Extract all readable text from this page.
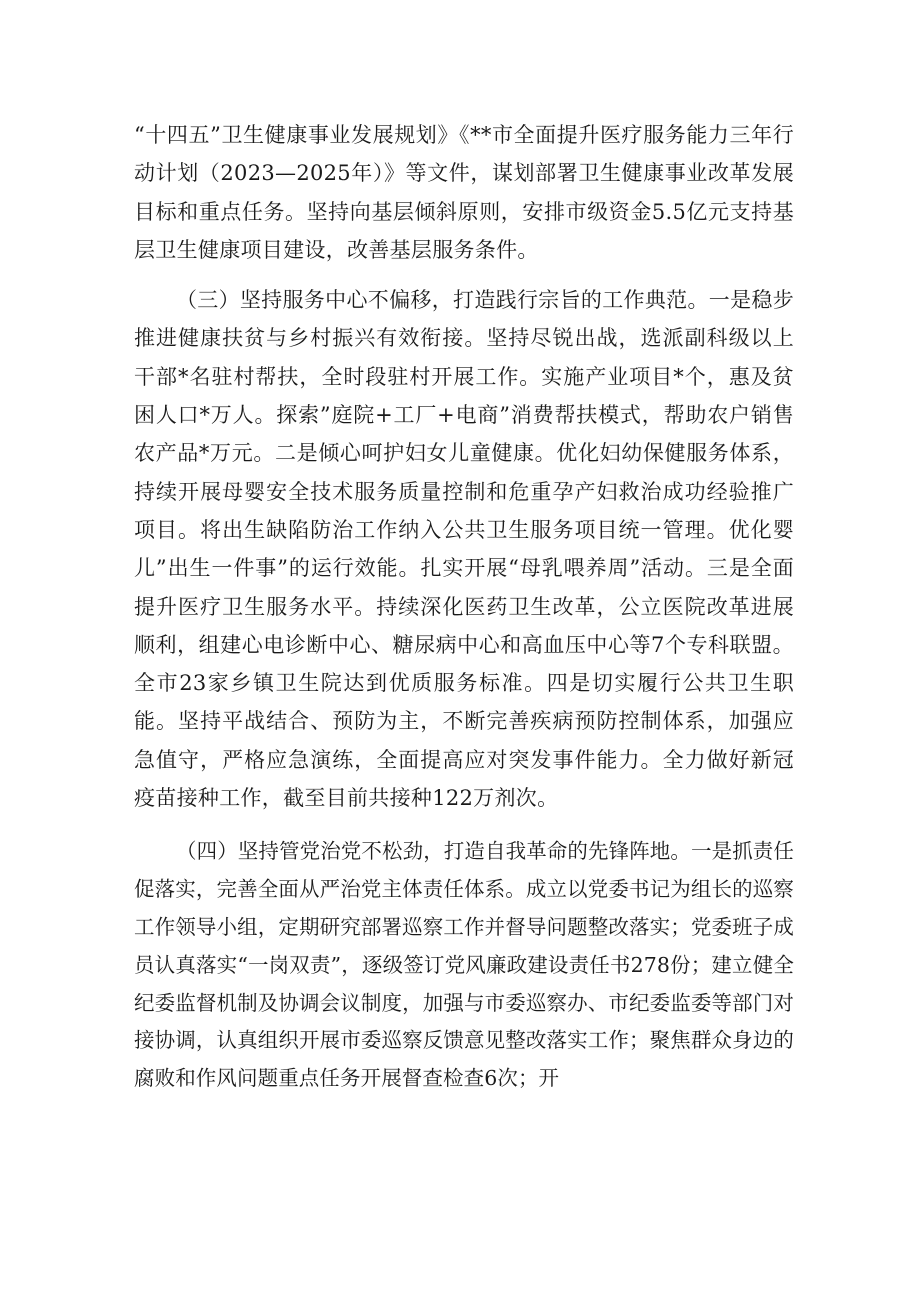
“十四五”卫生健康事业发展规划》《**市全面提升医疗服务能力三年行动计划（2023—2025年）》等文件，谋划部署卫生健康事业改革发展目标和重点任务。坚持向基层倾斜原则，安排市级资金5.5亿元支持基层卫生健康项目建设，改善基层服务条件。

（三）坚持服务中心不偏移，打造践行宗旨的工作典范。一是稳步推进健康扶贫与乡村振兴有效衔接。坚持尽锐出战，选派副科级以上干部*名驻村帮扶，全时段驻村开展工作。实施产业项目*个，惠及贫困人口*万人。探索”庭院+工厂+电商”消费帮扶模式，帮助农户销售农产品*万元。二是倾心呵护妇女儿童健康。优化妇幼保健服务体系，持续开展母婴安全技术服务质量控制和危重孕产妇救治成功经验推广项目。将出生缺陷防治工作纳入公共卫生服务项目统一管理。优化婴儿”出生一件事”的运行效能。扎实开展“母乳喂养周”活动。三是全面提升医疗卫生服务水平。持续深化医药卫生改革，公立医院改革进展顺利，组建心电诊断中心、糖尿病中心和高血压中心等7个专科联盟。全市23家乡镇卫生院达到优质服务标准。四是切实履行公共卫生职能。坚持平战结合、预防为主，不断完善疾病预防控制体系，加强应急值守，严格应急演练，全面提高应对突发事件能力。全力做好新冠疫苗接种工作，截至目前共接种122万剂次。

（四）坚持管党治党不松劲，打造自我革命的先锋阵地。一是抓责任促落实，完善全面从严治党主体责任体系。成立以党委书记为组长的巡察工作领导小组，定期研究部署巡察工作并督导问题整改落实；党委班子成员认真落实“一岗双责”，逐级签订党风廉政建设责任书278份；建立健全纪委监督机制及协调会议制度，加强与市委巡察办、市纪委监委等部门对接协调，认真组织开展市委巡察反馈意见整改落实工作；聚焦群众身边的腐败和作风问题重点任务开展督查检查6次；开
